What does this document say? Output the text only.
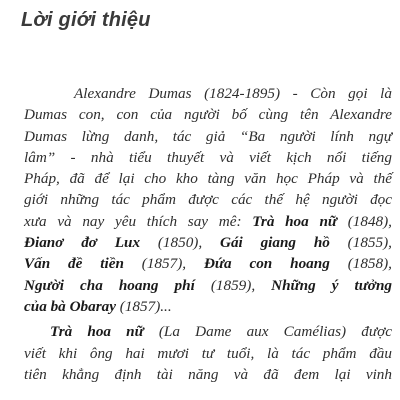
Lời giới thiệu

Alexandre Dumas (1824-1895) - Còn gọi là
Dumas con, con của người bố cùng tên Alexandre
Dumas lừng danh, tác giả “Ba người lính ngự
lâm” - nhà tiểu thuyết và viết kịch nổi tiếng
Pháp, đã để lại cho kho tàng văn học Pháp và thế
giới những tác phẩm được các thế hệ người đọc
xưa và nay yêu thích say mê: Trà hoa nữ (1848),
Đianơ đơ Lux (1850), Gái giang hồ (1855),
Vấn đề tiền (1857), Đứa con hoang (1858),
Người cha hoang phí (1859), Những ý tưởng
của bà Obaray (1857)...

Trà hoa nữ (La Dame aux Camélias) được
viết khi ông hai mươi tư tuổi, là tác phẩm đầu
tiên khẳng định tài năng và đã đem lại vinh
